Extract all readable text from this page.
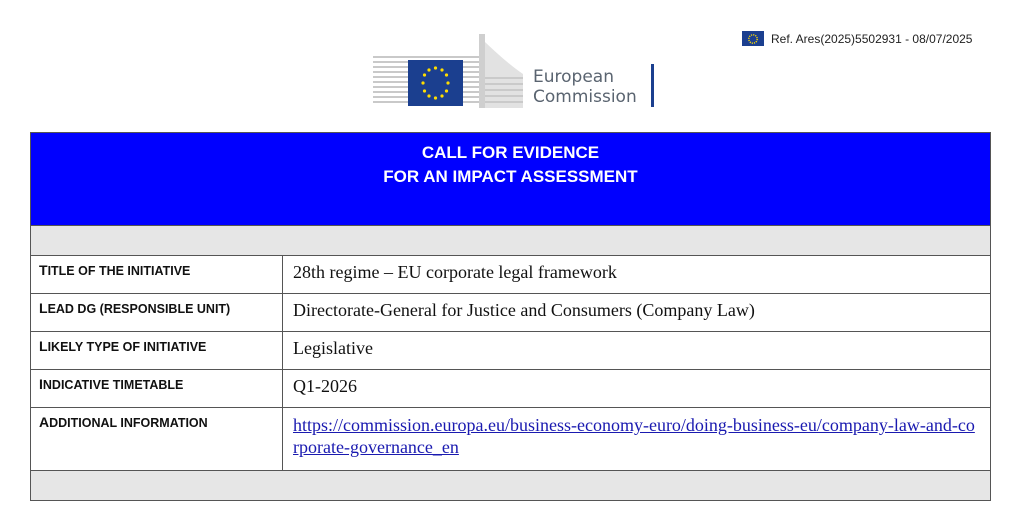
Ref. Ares(2025)5502931 - 08/07/2025
European
Commission
CALL FOR EVIDENCE
FOR AN IMPACT ASSESSMENT	

TITLE OF THE INITIATIVE	28th regime – EU corporate legal framework
LEAD DG (RESPONSIBLE UNIT)	Directorate-General for Justice and Consumers (Company Law)
LIKELY TYPE OF INITIATIVE	Legislative
INDICATIVE TIMETABLE	Q1-2026
ADDITIONAL INFORMATION	https://commission.europa.eu/business-economy-euro/doing-business-eu/company-law-and-corporate-governance_en
